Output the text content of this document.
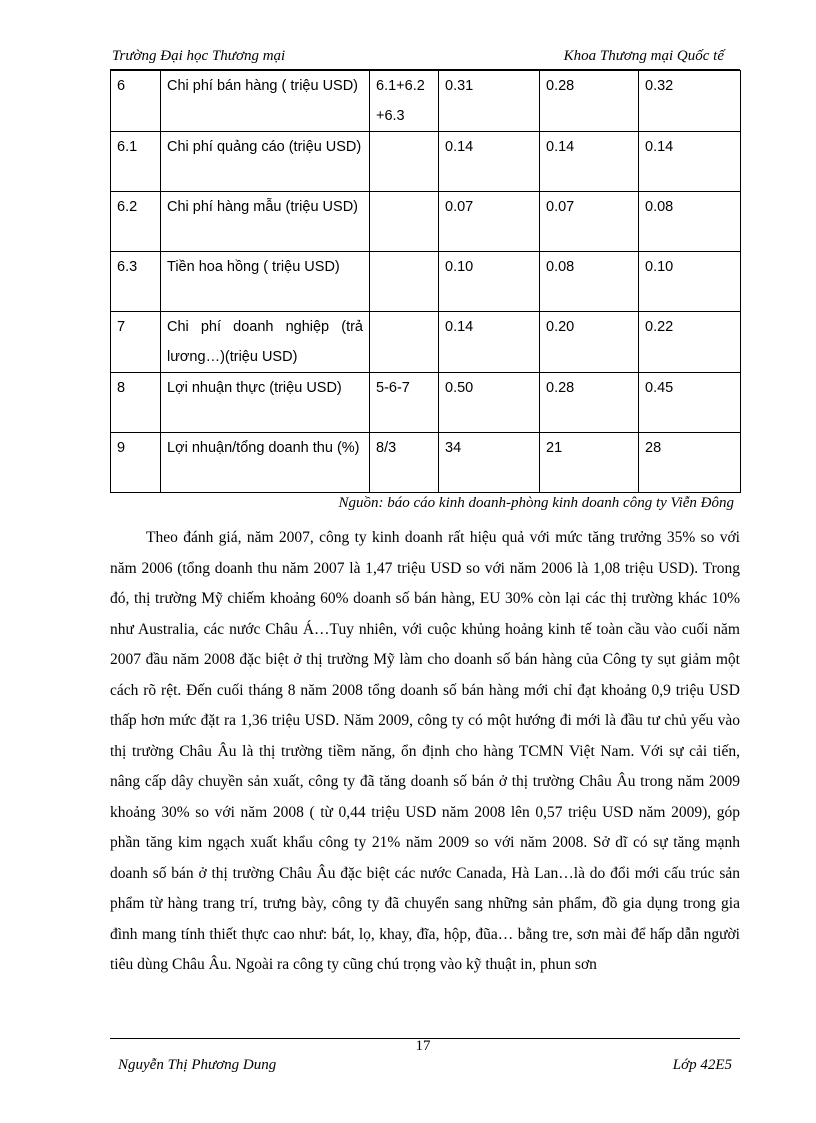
Trường Đại học Thương mại	Khoa Thương mại Quốc tế
6	Chi phí bán hàng ( triệu USD)	6.1+6.2 +6.3	0.31	0.28	0.32
6.1	Chi phí quảng cáo (triệu USD)		0.14	0.14	0.14
6.2	Chi phí hàng mẫu (triệu USD)		0.07	0.07	0.08
6.3	Tiền hoa hồng ( triệu USD)		0.10	0.08	0.10
7	Chi phí doanh nghiệp (trả lương…)(triệu USD)		0.14	0.20	0.22
8	Lợi nhuận thực (triệu USD)	5-6-7	0.50	0.28	0.45
9	Lợi nhuận/tổng doanh thu (%)	8/3	34	21	28
Nguồn: báo cáo kinh doanh-phòng kinh doanh công ty Viễn Đông

Theo đánh giá, năm 2007, công ty kinh doanh rất hiệu quả với mức tăng trưởng 35% so với năm 2006 (tổng doanh thu năm 2007 là 1,47 triệu USD so với năm 2006 là 1,08 triệu USD). Trong đó, thị trường Mỹ chiếm khoảng 60% doanh số bán hàng, EU 30% còn lại các thị trường khác 10% như Australia, các nước Châu Á…Tuy nhiên, với cuộc khủng hoảng kinh tế toàn cầu vào cuối năm 2007 đầu năm 2008 đặc biệt ở thị trường Mỹ làm cho doanh số bán hàng của Công ty sụt giảm một cách rõ rệt. Đến cuối tháng 8 năm 2008 tổng doanh số bán hàng mới chỉ đạt khoảng 0,9 triệu USD thấp hơn mức đặt ra 1,36 triệu USD. Năm 2009, công ty có một hướng đi mới là đầu tư chủ yếu vào thị trường Châu Âu là thị trường tiềm năng, ổn định cho hàng TCMN Việt Nam. Với sự cải tiến, nâng cấp dây chuyền sản xuất, công ty đã tăng doanh số bán ở thị trường Châu Âu trong năm 2009 khoảng 30% so với năm 2008 ( từ 0,44 triệu USD năm 2008 lên 0,57 triệu USD năm 2009), góp phần tăng kim ngạch xuất khẩu công ty 21% năm 2009 so với năm 2008. Sở dĩ có sự tăng mạnh doanh số bán ở thị trường Châu Âu đặc biệt các nước Canada, Hà Lan…là do đổi mới cấu trúc sản phẩm từ hàng trang trí, trưng bày, công ty đã chuyển sang những sản phẩm, đồ gia dụng trong gia đình mang tính thiết thực cao như: bát, lọ, khay, đĩa, hộp, đũa… bằng tre, sơn mài để hấp dẫn người tiêu dùng Châu Âu. Ngoài ra công ty cũng chú trọng vào kỹ thuật in, phun sơn

17
Nguyễn Thị Phương Dung	Lớp 42E5
